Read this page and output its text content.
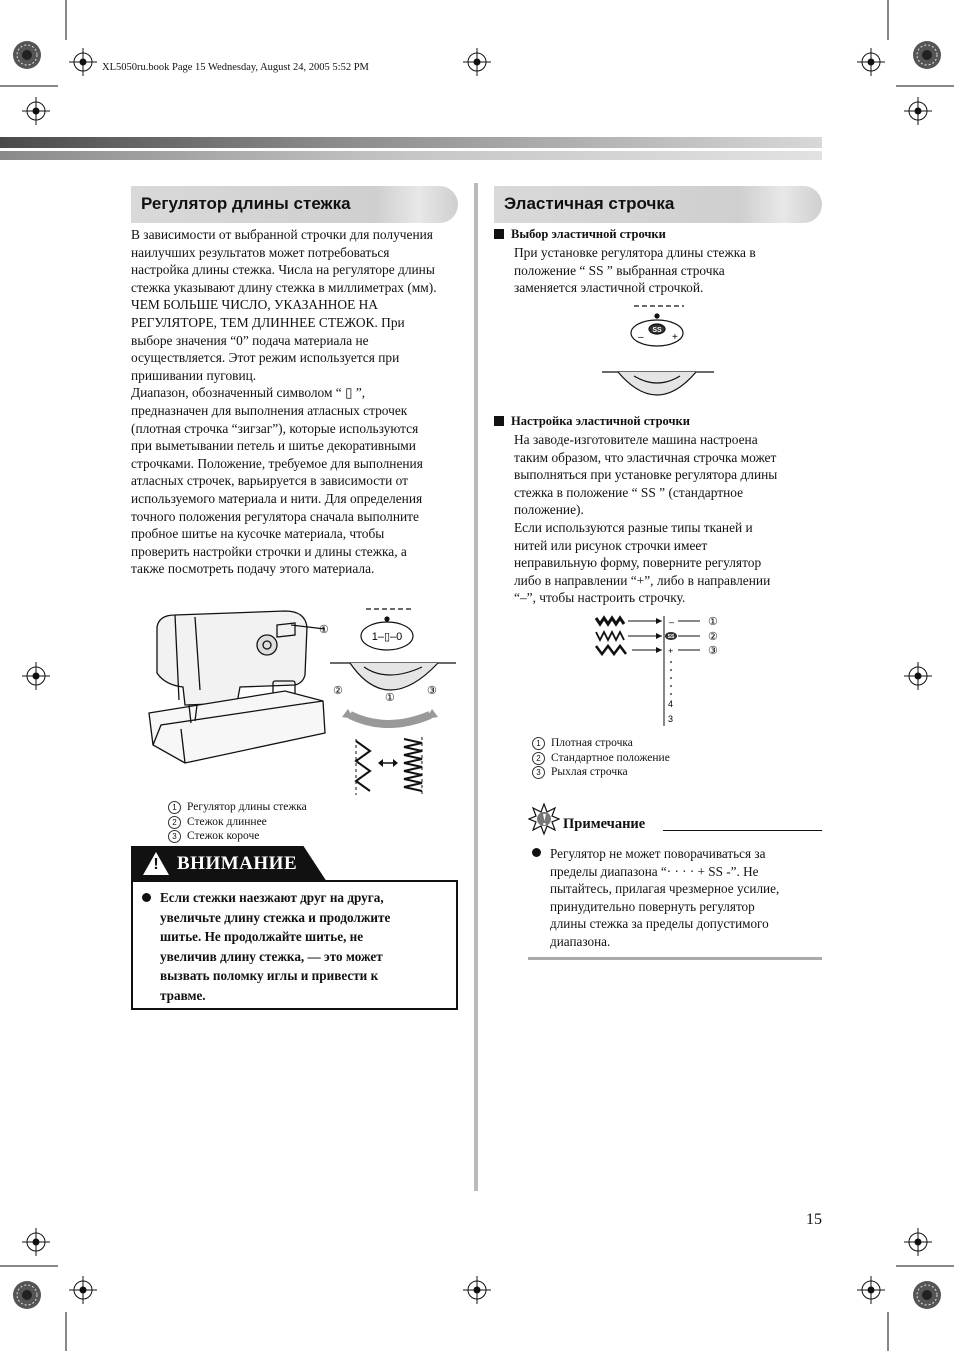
XL5050ru.book Page 15 Wednesday, August 24, 2005 5:52 PM
Регулятор длины стежка

В зависимости от выбранной строчки для получения

наилучших результатов может потребоваться

настройка длины стежка. Числа на регуляторе длины

стежка указывают длину стежка в миллиметрах (мм).

ЧЕМ БОЛЬШЕ ЧИСЛО, УКАЗАННОЕ НА

РЕГУЛЯТОРЕ, ТЕМ ДЛИННЕЕ СТЕЖОК. При

выборе значения “0” подача материала не

осуществляется. Этот режим используется при

пришивании пуговиц.

Диапазон, обозначенный символом “ ▯ ”,

предназначен для выполнения атласных строчек

(плотная строчка “зигзаг”), которые используются

при выметывании петель и шитье декоративными

строчками. Положение, требуемое для выполнения

атласных строчек, варьируется в зависимости от

используемого материала и нити. Для определения

точного положения регулятора сначала выполните

пробное шитье на кусочке материала, чтобы

проверить настройки строчки и длины стежка, а

также посмотреть подачу этого материала.

①
1–▯–0
①
②	③
1 Регулятор длины стежка
2 Стежок длиннее
3 Стежок короче
! ВНИМАНИЕ
Если стежки наезжают друг на друга,
увеличьте длину стежка и продолжите
шитье. Не продолжайте шитье, не
увеличив длину стежка, — это может
вызвать поломку иглы и привести к
травме.
Эластичная строчка
Выбор эластичной строчки

При установке регулятора длины стежка в

положение “ SS ” выбранная строчка

заменяется эластичной строчкой.

SS
–	+
Настройка эластичной строчки

На заводе-изготовителе машина настроена

таким образом, что эластичная строчка может

выполняться при установке регулятора длины

стежка в положение “ SS ” (стандартное

положение).

Если используются разные типы тканей и

нитей или рисунок строчки имеет

неправильную форму, поверните регулятор

либо в направлении “+”, либо в направлении

“–”, чтобы настроить строчку.

–
SS
+
4
3
①
②
③
1 Плотная строчка
2 Стандартное положение
3 Рыхлая строчка
Примечание
Регулятор не может поворачиваться за
пределы диапазона “· · · · + SS -”. Не
пытайтесь, прилагая чрезмерное усилие,
принудительно повернуть регулятор
длины стежка за пределы допустимого
диапазона.
15
